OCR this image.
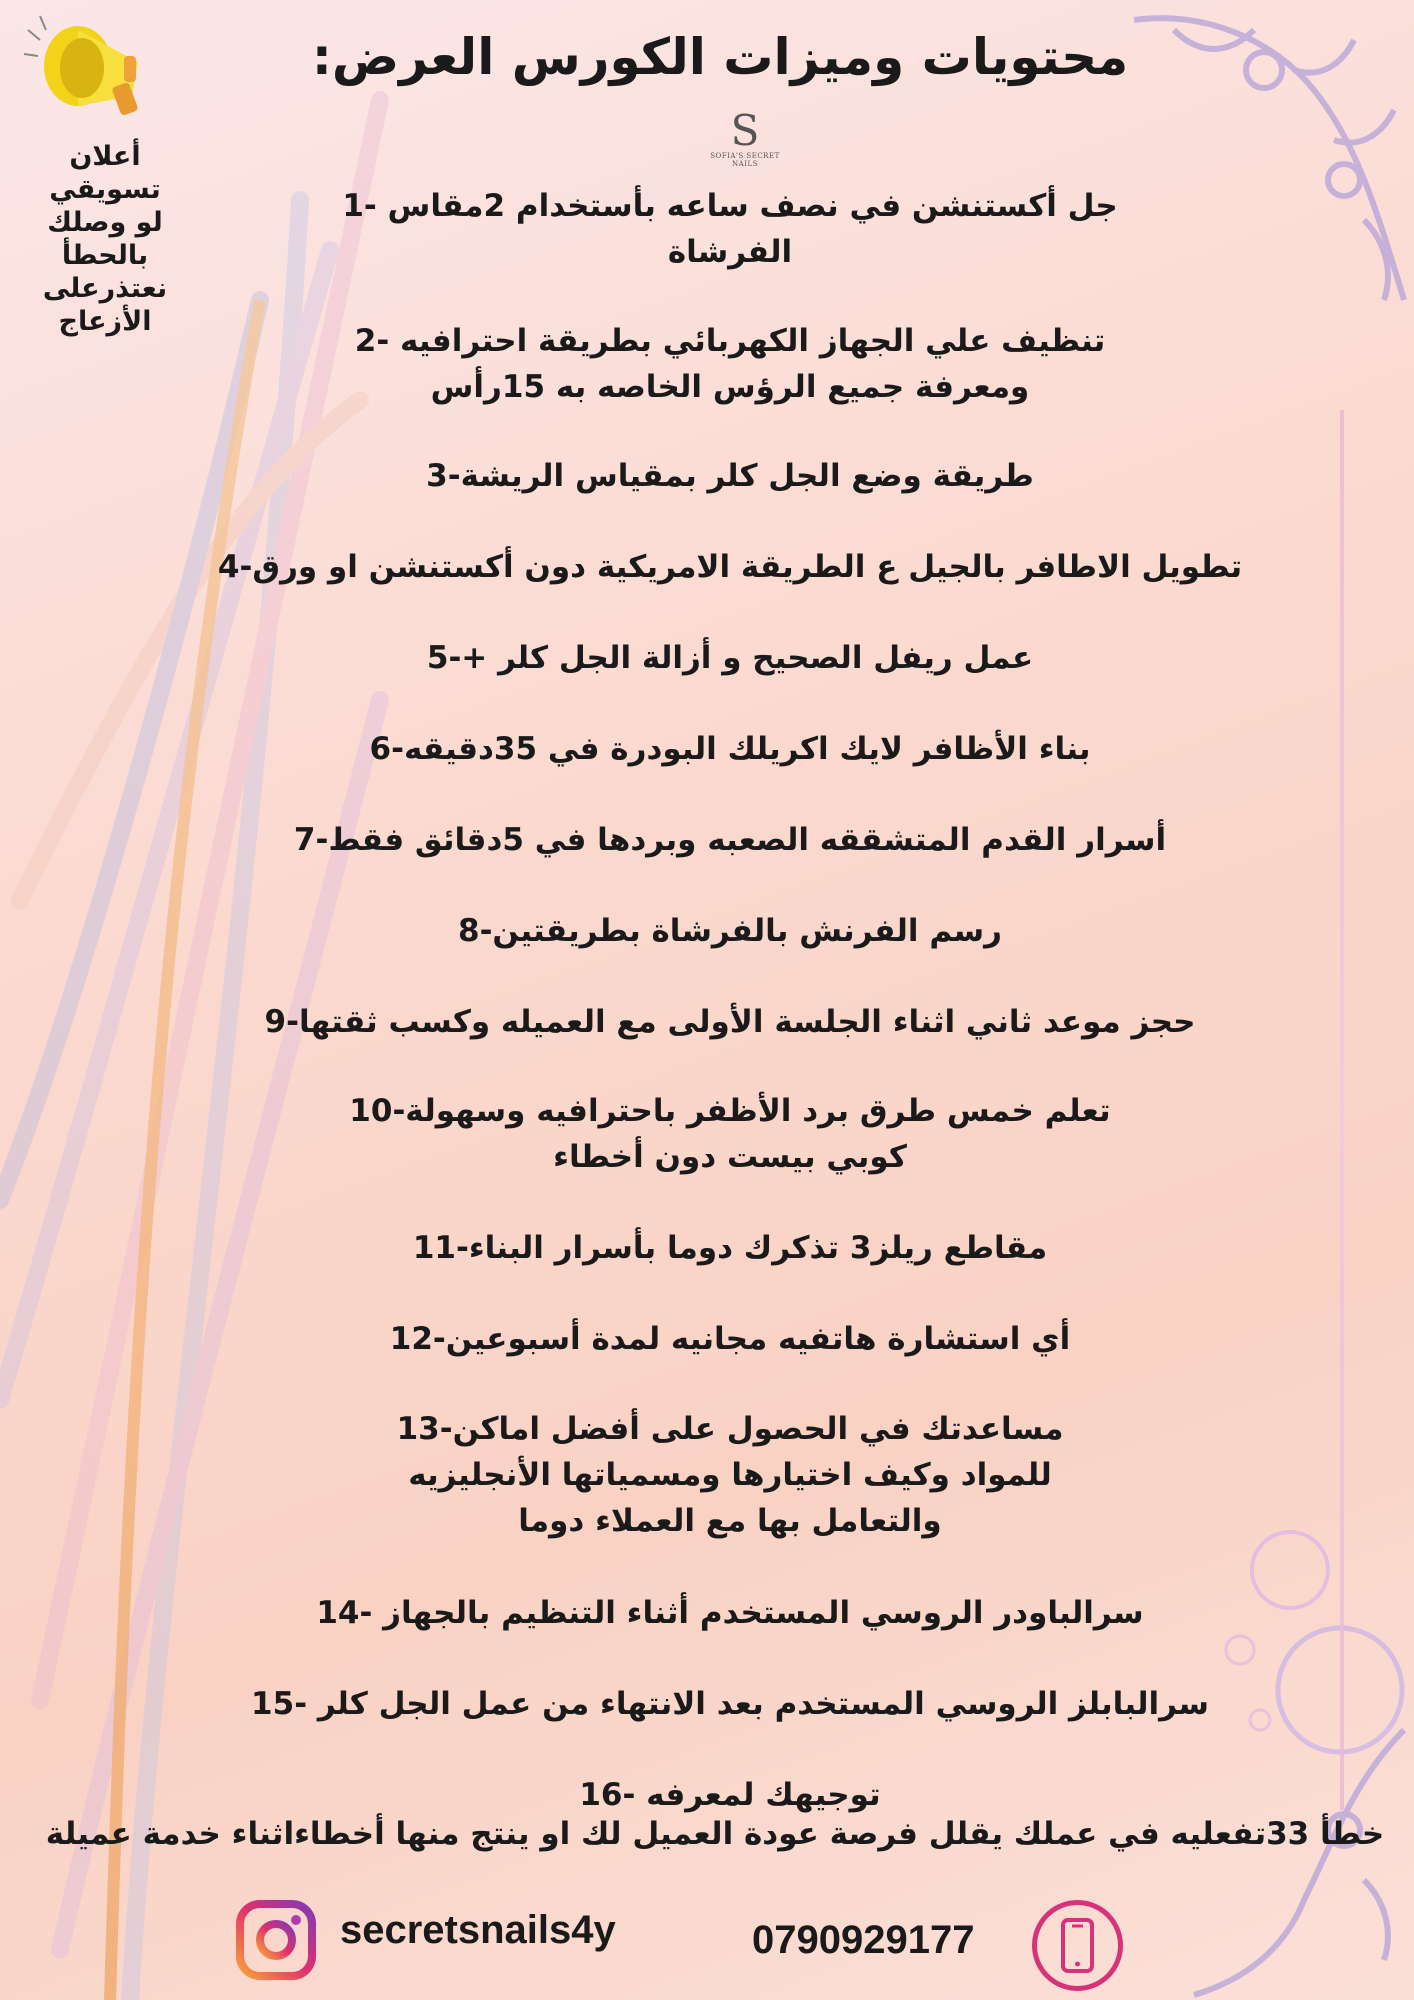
أعلان
تسويقي
لو وصلك
بالحطأ
نعتذرعلى
الأزعاج
محتويات وميزات الكورس العرض:
S
SOFIA'S SECRET NAILS
جل أكستنشن في نصف ساعه بأستخدام 2مقاس -1
الفرشاة
تنظيف علي الجهاز الكهربائي بطريقة احترافيه -2
ومعرفة جميع الرؤس الخاصه به 15رأس
طريقة وضع الجل كلر بمقياس الريشة-3
تطويل الاطافر بالجيل ع الطريقة الامريكية دون أكستنشن او ورق-4
عمل ريفل الصحيح و أزالة الجل كلر +-5
بناء الأظافر لايك اكريلك البودرة في 35دقيقه-6
أسرار القدم المتشققه الصعبه وبردها في 5دقائق فقط-7
رسم الفرنش بالفرشاة بطريقتين-8
حجز موعد ثاني اثناء الجلسة الأولى مع العميله وكسب ثقتها-9
تعلم خمس طرق برد الأظفر باحترافيه وسهولة-10
كوبي بيست دون أخطاء
مقاطع ريلز3 تذكرك دوما بأسرار البناء-11
أي استشارة هاتفيه مجانيه لمدة أسبوعين-12
مساعدتك في الحصول على أفضل اماكن-13
للمواد وكيف اختيارها ومسمياتها الأنجليزيه
والتعامل بها مع العملاء دوما
سرالباودر الروسي المستخدم أثناء التنظيم بالجهاز -14
سرالبابلز الروسي المستخدم بعد الانتهاء من عمل الجل كلر -15
توجيهك لمعرفه -16
خطأ 33تفعليه في عملك يقلل فرصة عودة العميل لك او ينتج منها أخطاءاثناء خدمة عميلة
secretsnails4y	0790929177
